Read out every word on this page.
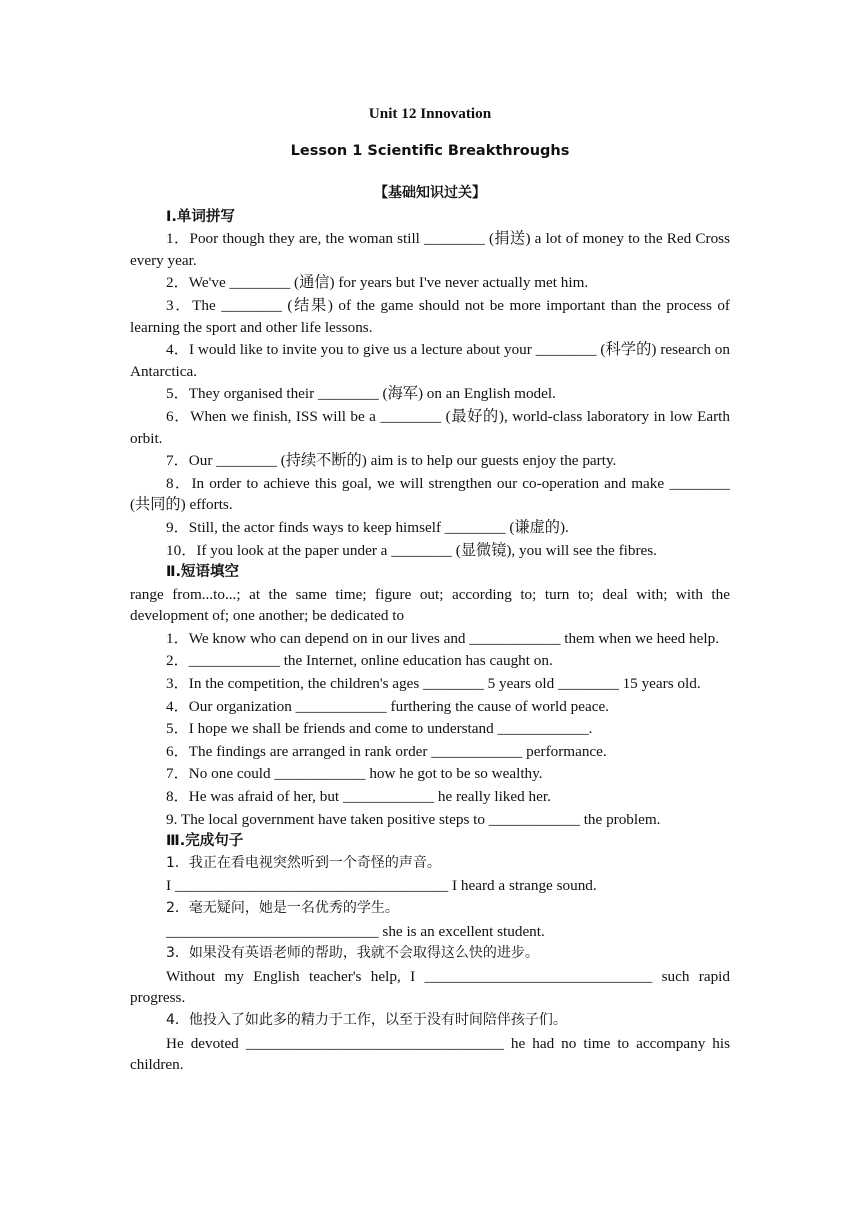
Unit 12 Innovation
Lesson 1 Scientific Breakthroughs
【基础知识过关】
Ⅰ.单词拼写

1．Poor though they are, the woman still ________ (捐送) a lot of money to the Red Cross every year.

2．We've ________ (通信) for years but I've never actually met him.

3．The ________ (结果) of the game should not be more important than the process of learning the sport and other life lessons.

4．I would like to invite you to give us a lecture about your ________ (科学的) research on Antarctica.

5．They organised their ________ (海军) on an English model.

6．When we finish, ISS will be a ________ (最好的), world-class laboratory in low Earth orbit.

7．Our ________ (持续不断的) aim is to help our guests enjoy the party.

8．In order to achieve this goal, we will strengthen our co-operation and make ________ (共同的) efforts.

9．Still, the actor finds ways to keep himself ________ (谦虚的).

10．If you look at the paper under a ________ (显微镜), you will see the fibres.

Ⅱ.短语填空

range from...to...; at the same time; figure out; according to; turn to; deal with; with the development of; one another; be dedicated to

1．We know who can depend on in our lives and ____________ them when we heed help.

2．____________ the Internet, online education has caught on.

3．In the competition, the children's ages ________ 5 years old ________ 15 years old.

4．Our organization ____________ furthering the cause of world peace.

5．I hope we shall be friends and come to understand ____________.

6．The findings are arranged in rank order ____________ performance.

7．No one could ____________ how he got to be so wealthy.

8．He was afraid of her, but ____________ he really liked her.

9. The local government have taken positive steps to ____________ the problem.

Ⅲ.完成句子

1．我正在看电视突然听到一个奇怪的声音。

I ____________________________________ I heard a strange sound.

2．毫无疑问，她是一名优秀的学生。

____________________________ she is an excellent student.

3．如果没有英语老师的帮助，我就不会取得这么快的进步。

Without my English teacher's help, I ______________________________ such rapid progress.

4．他投入了如此多的精力于工作，以至于没有时间陪伴孩子们。

He devoted __________________________________ he had no time to accompany his children.
